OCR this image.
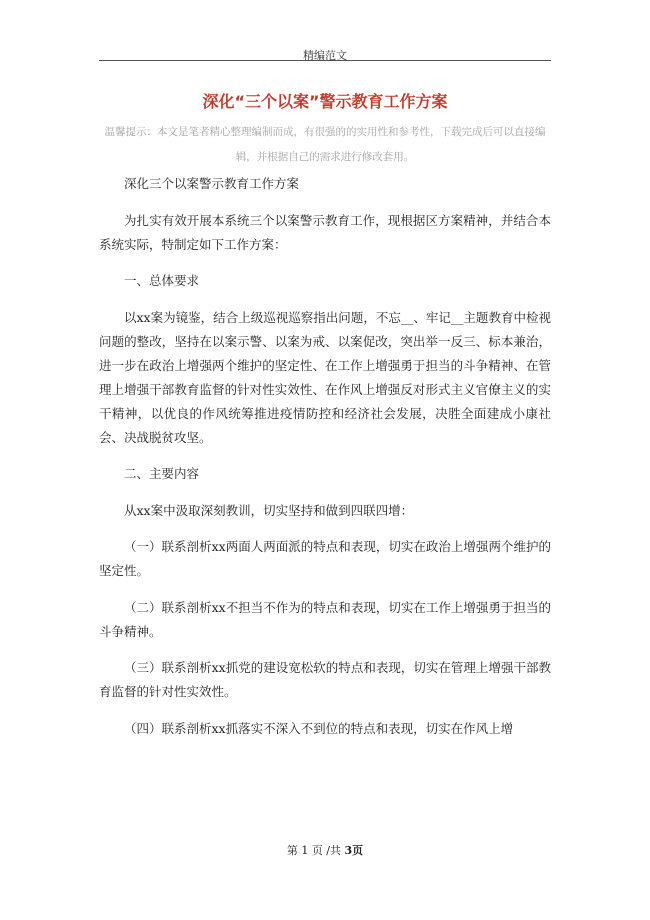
精编范文
深化“三个以案”警示教育工作方案
温馨提示：本文是笔者精心整理编制而成，有很强的的实用性和参考性，下载完成后可以直接编辑，并根据自己的需求进行修改套用。

深化三个以案警示教育工作方案

为扎实有效开展本系统三个以案警示教育工作，现根据区方案精神，并结合本系统实际，特制定如下工作方案：

一、总体要求

以xx案为镜鉴，结合上级巡视巡察指出问题，不忘__、牢记__主题教育中检视问题的整改，坚持在以案示警、以案为戒、以案促改，突出举一反三、标本兼治，进一步在政治上增强两个维护的坚定性、在工作上增强勇于担当的斗争精神、在管理上增强干部教育监督的针对性实效性、在作风上增强反对形式主义官僚主义的实干精神，以优良的作风统筹推进疫情防控和经济社会发展，决胜全面建成小康社会、决战脱贫攻坚。

二、主要内容

从xx案中汲取深刻教训，切实坚持和做到四联四增：

（一）联系剖析xx两面人两面派的特点和表现，切实在政治上增强两个维护的坚定性。

（二）联系剖析xx不担当不作为的特点和表现，切实在工作上增强勇于担当的斗争精神。

（三）联系剖析xx抓党的建设宽松软的特点和表现，切实在管理上增强干部教育监督的针对性实效性。

（四）联系剖析xx抓落实不深入不到位的特点和表现，切实在作风上增

第 1 页 /共 3页
